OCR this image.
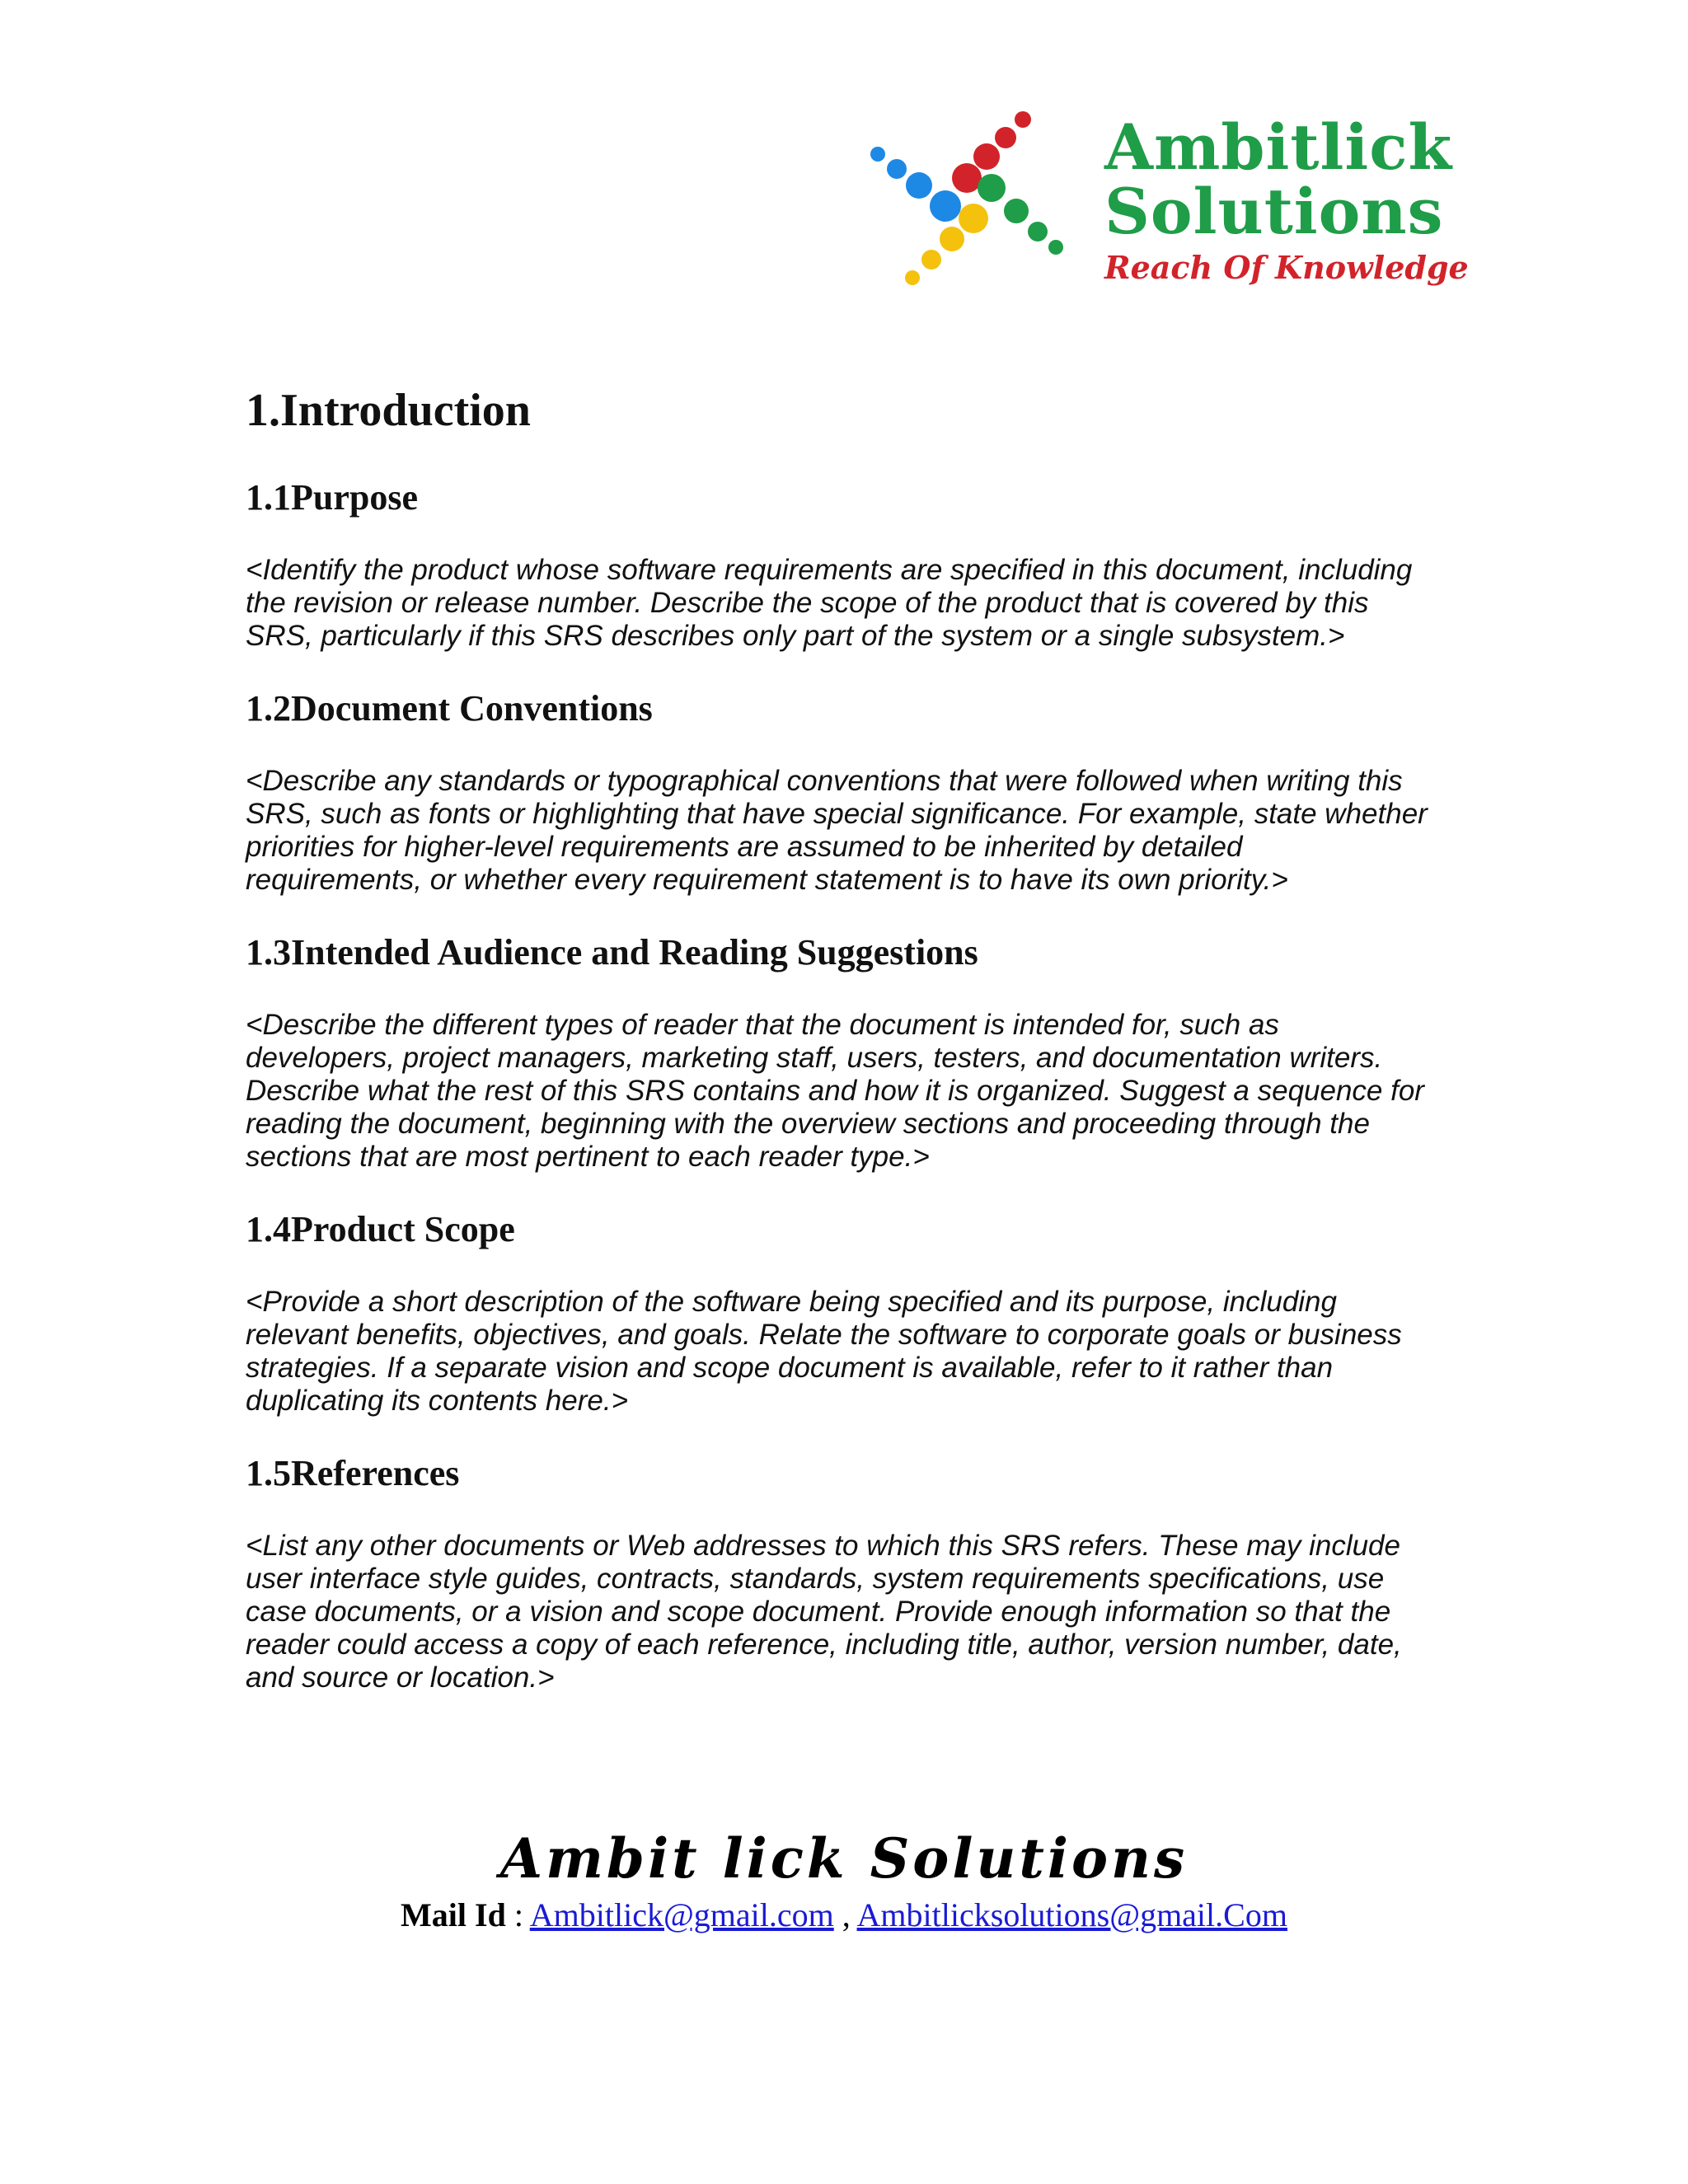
Ambitlick
Solutions
Reach Of Knowledge
1.Introduction
1.1Purpose

<Identify the product whose software requirements are specified in this document, including
the revision or release number. Describe the scope of the product that is covered by this
SRS, particularly if this SRS describes only part of the system or a single subsystem.>

1.2Document Conventions

<Describe any standards or typographical conventions that were followed when writing this
SRS, such as fonts or highlighting that have special significance. For example, state whether
priorities for higher-level requirements are assumed to be inherited by detailed
requirements, or whether every requirement statement is to have its own priority.>

1.3Intended Audience and Reading Suggestions

<Describe the different types of reader that the document is intended for, such as
developers, project managers, marketing staff, users, testers, and documentation writers.
Describe what the rest of this SRS contains and how it is organized. Suggest a sequence for
reading the document, beginning with the overview sections and proceeding through the
sections that are most pertinent to each reader type.>

1.4Product Scope

<Provide a short description of the software being specified and its purpose, including
relevant benefits, objectives, and goals. Relate the software to corporate goals or business
strategies. If a separate vision and scope document is available, refer to it rather than
duplicating its contents here.>

1.5References

<List any other documents or Web addresses to which this SRS refers. These may include
user interface style guides, contracts, standards, system requirements specifications, use
case documents, or a vision and scope document. Provide enough information so that the
reader could access a copy of each reference, including title, author, version number, date,
and source or location.>

Ambit lick Solutions
Mail Id : Ambitlick@gmail.com , Ambitlicksolutions@gmail.Com
